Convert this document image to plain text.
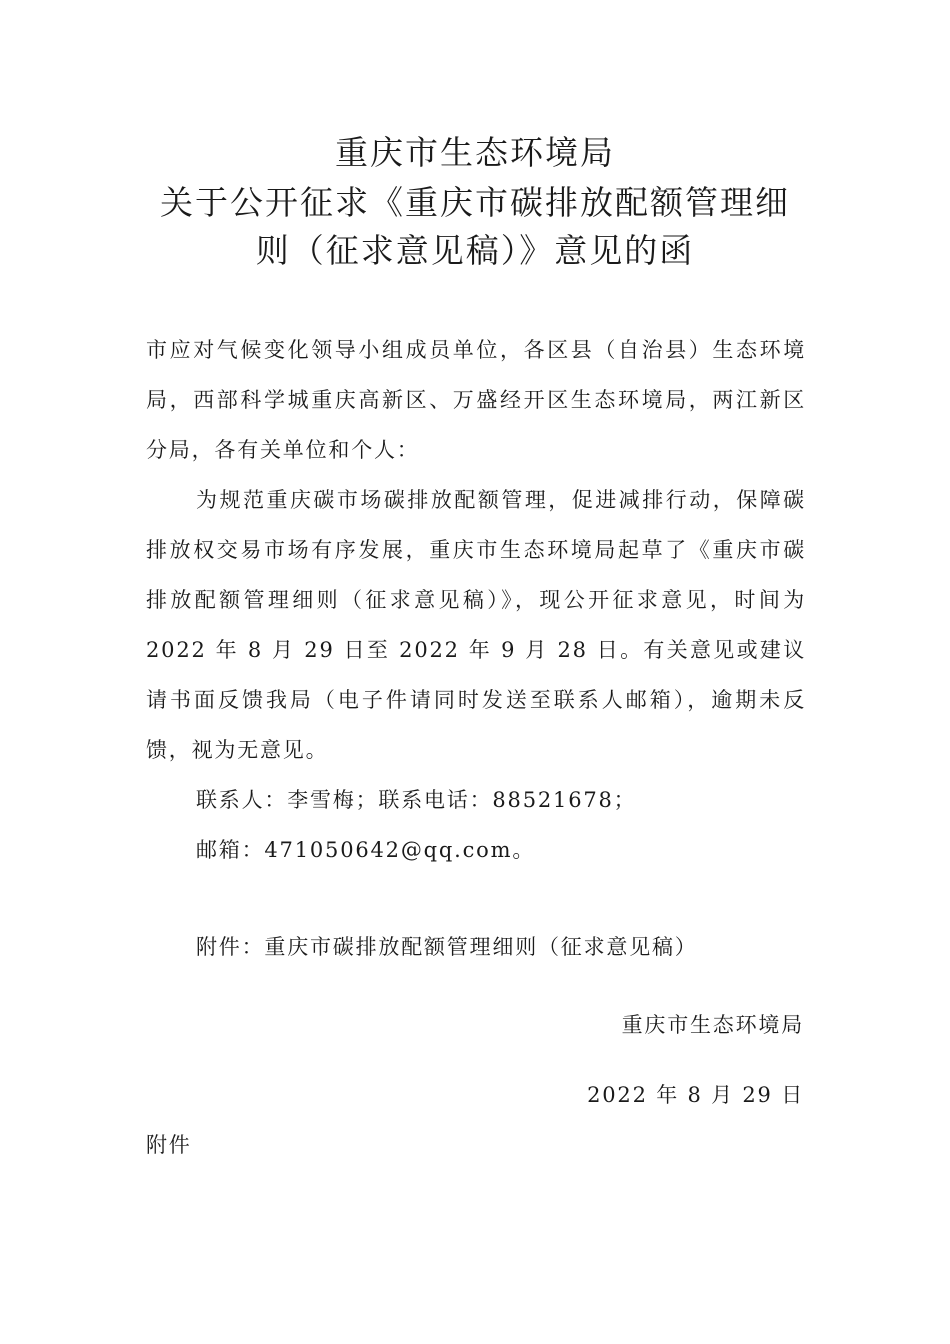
重庆市生态环境局
关于公开征求《重庆市碳排放配额管理细
则（征求意见稿）》意见的函
市应对气候变化领导小组成员单位，各区县（自治县）生态环境局，西部科学城重庆高新区、万盛经开区生态环境局，两江新区分局，各有关单位和个人：
为规范重庆碳市场碳排放配额管理，促进减排行动，保障碳排放权交易市场有序发展，重庆市生态环境局起草了《重庆市碳排放配额管理细则（征求意见稿）》，现公开征求意见，时间为 2022 年 8 月 29 日至 2022 年 9 月 28 日。有关意见或建议请书面反馈我局（电子件请同时发送至联系人邮箱），逾期未反馈，视为无意见。
联系人：李雪梅；联系电话：88521678；
邮箱：471050642@qq.com。
附件：重庆市碳排放配额管理细则（征求意见稿）
重庆市生态环境局
2022 年 8 月 29 日
附件
